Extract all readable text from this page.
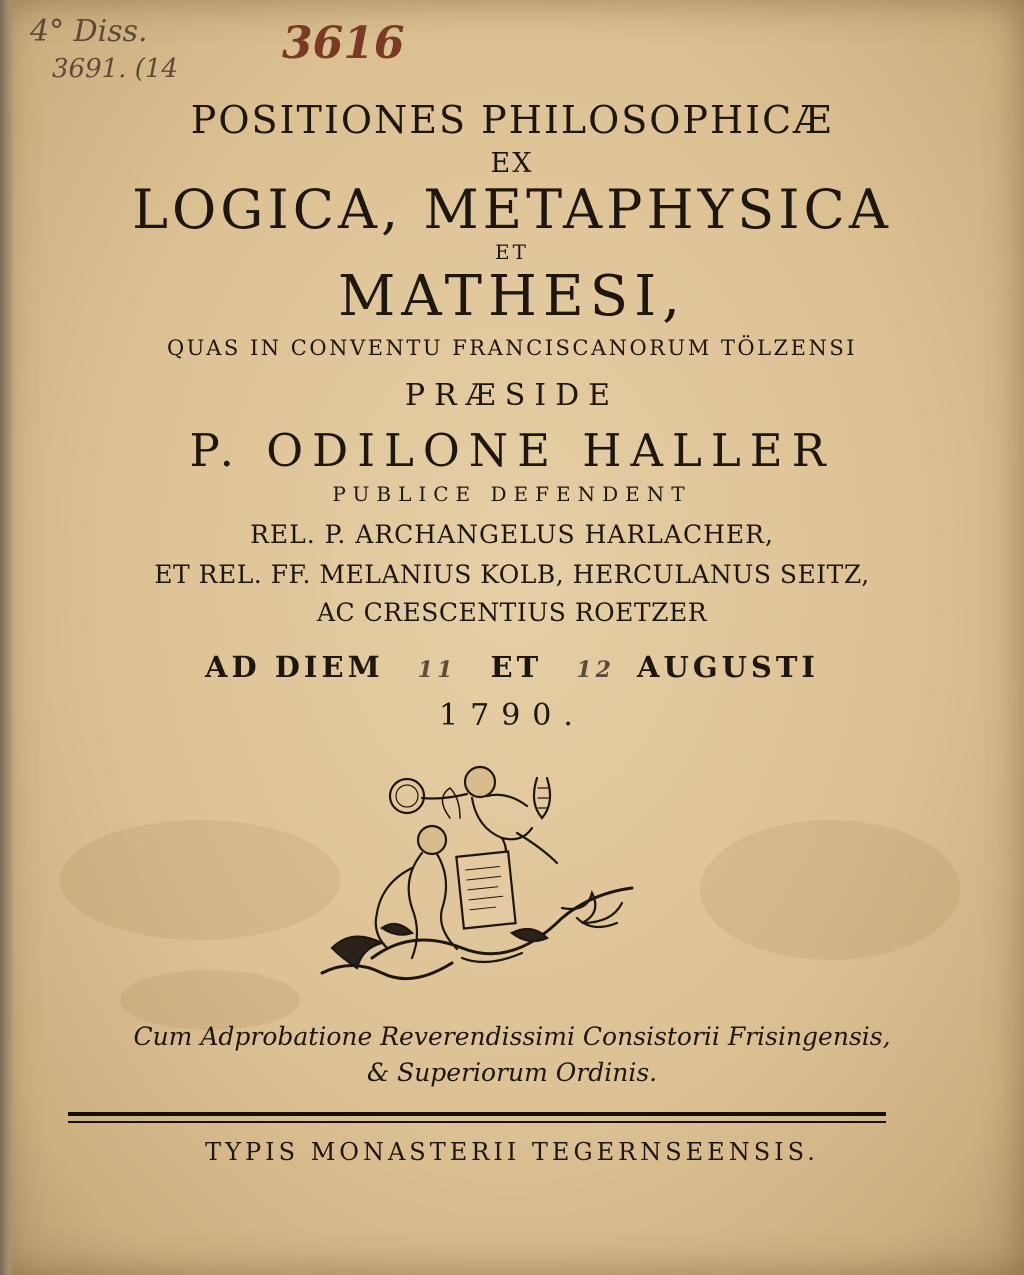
4° Diss.
3691. (14 3616
POSITIONES PHILOSOPHICÆ
EX
LOGICA, METAPHYSICA
ET
MATHESI,
QUAS IN CONVENTU FRANCISCANORUM TÖLZENSI
PRÆSIDE
P. ODILONE HALLER
PUBLICE DEFENDENT
REL. P. ARCHANGELUS HARLACHER,
ET REL. FF. MELANIUS KOLB, HERCULANUS SEITZ,
AC CRESCENTIUS ROETZER
AD DIEM 11 ET 12 AUGUSTI
1790.
Cum Adprobatione Reverendissimi Consistorii Frisingensis,
& Superiorum Ordinis.
TYPIS MONASTERII TEGERNSEENSIS.
